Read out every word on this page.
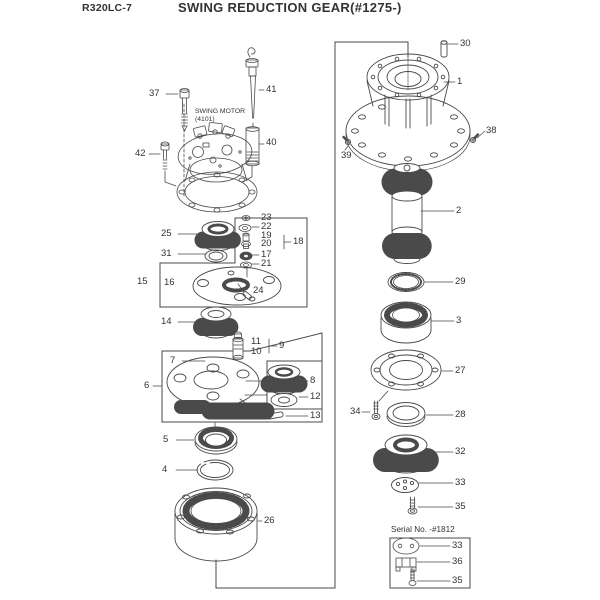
R320LC-7	SWING REDUCTION GEAR(#1275-)
SWING MOTOR
(4101)
Serial No. -#1812
37	41
42
40
30
1
38
39
2
29
3
27
34	28
32
33
35
25
31
15 16
23
22
19
20 18
17
21
24
14
7
6
11
10
9
8
12
13
5
4
26
33
36
35
